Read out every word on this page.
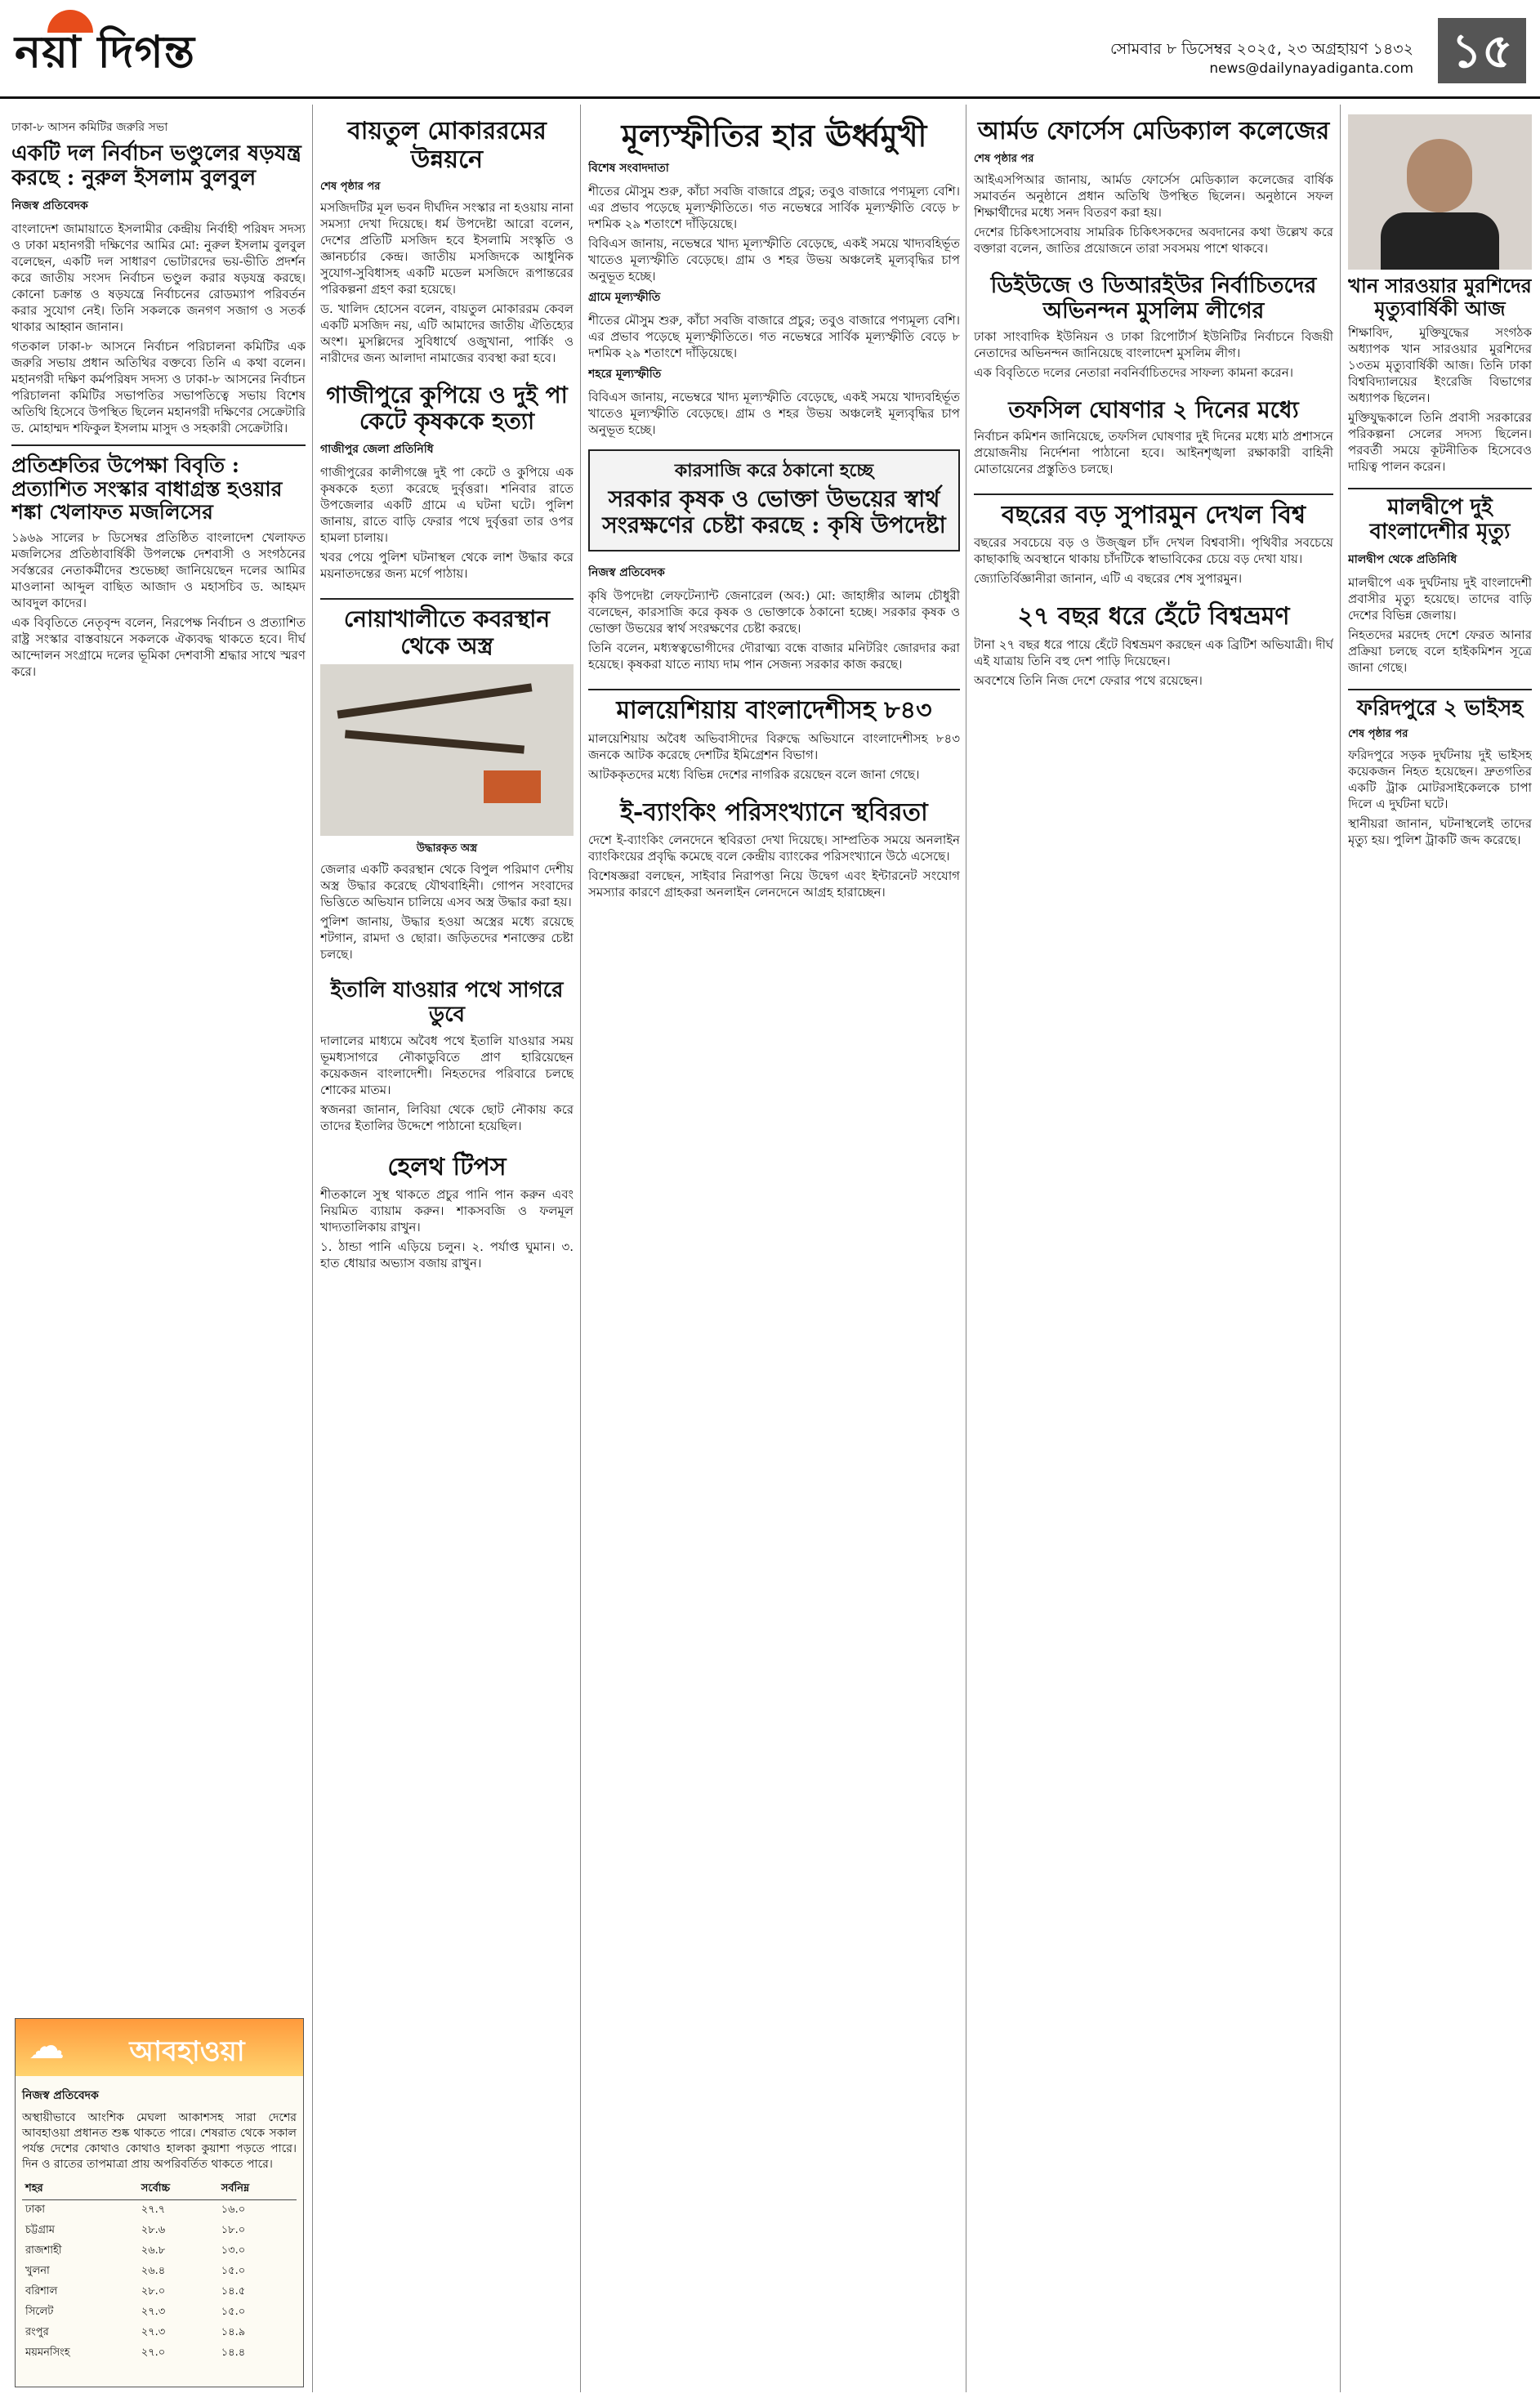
নয়া দিগন্ত	সোমবার ৮ ডিসেম্বর ২০২৫, ২৩ অগ্রহায়ণ ১৪৩২
news@dailynayadiganta.com ১৫
ঢাকা-৮ আসন কমিটির জরুরি সভা
একটি দল নির্বাচন ভণ্ডুলের ষড়যন্ত্র করছে : নুরুল ইসলাম বুলবুল
নিজস্ব প্রতিবেদক

বাংলাদেশ জামায়াতে ইসলামীর কেন্দ্রীয় নির্বাহী পরিষদ সদস্য ও ঢাকা মহানগরী দক্ষিণের আমির মো: নুরুল ইসলাম বুলবুল বলেছেন, একটি দল সাধারণ ভোটারদের ভয়-ভীতি প্রদর্শন করে জাতীয় সংসদ নির্বাচন ভণ্ডুল করার ষড়যন্ত্র করছে। কোনো চক্রান্ত ও ষড়যন্ত্রে নির্বাচনের রোডম্যাপ পরিবর্তন করার সুযোগ নেই। তিনি সকলকে জনগণ সজাগ ও সতর্ক থাকার আহ্বান জানান।

গতকাল ঢাকা-৮ আসনে নির্বাচন পরিচালনা কমিটির এক জরুরি সভায় প্রধান অতিথির বক্তব্যে তিনি এ কথা বলেন। মহানগরী দক্ষিণ কর্মপরিষদ সদস্য ও ঢাকা-৮ আসনের নির্বাচন পরিচালনা কমিটির সভাপতির সভাপতিত্বে সভায় বিশেষ অতিথি হিসেবে উপস্থিত ছিলেন মহানগরী দক্ষিণের সেক্রেটারি ড. মোহাম্মদ শফিকুল ইসলাম মাসুদ ও সহকারী সেক্রেটারি।

প্রতিশ্রুতির উপেক্ষা বিবৃতি : প্রত্যাশিত সংস্কার বাধাগ্রস্ত হওয়ার শঙ্কা খেলাফত মজলিসের

১৯৬৯ সালের ৮ ডিসেম্বর প্রতিষ্ঠিত বাংলাদেশ খেলাফত মজলিসের প্রতিষ্ঠাবার্ষিকী উপলক্ষে দেশবাসী ও সংগঠনের সর্বস্তরের নেতাকর্মীদের শুভেচ্ছা জানিয়েছেন দলের আমির মাওলানা আব্দুল বাছিত আজাদ ও মহাসচিব ড. আহমদ আবদুল কাদের।

এক বিবৃতিতে নেতৃবৃন্দ বলেন, নিরপেক্ষ নির্বাচন ও প্রত্যাশিত রাষ্ট্র সংস্কার বাস্তবায়নে সকলকে ঐক্যবদ্ধ থাকতে হবে। দীর্ঘ আন্দোলন সংগ্রামে দলের ভূমিকা দেশবাসী শ্রদ্ধার সাথে স্মরণ করে।

☁	আবহাওয়া
নিজস্ব প্রতিবেদক

অস্থায়ীভাবে আংশিক মেঘলা আকাশসহ সারা দেশের আবহাওয়া প্রধানত শুষ্ক থাকতে পারে। শেষরাত থেকে সকাল পর্যন্ত দেশের কোথাও কোথাও হালকা কুয়াশা পড়তে পারে। দিন ও রাতের তাপমাত্রা প্রায় অপরিবর্তিত থাকতে পারে।

শহর	সর্বোচ্চ	সর্বনিম্ন
ঢাকা	২৭.৭	১৬.০
চট্টগ্রাম	২৮.৬	১৮.০
রাজশাহী	২৬.৮	১৩.০
খুলনা	২৬.৪	১৫.০
বরিশাল	২৮.০	১৪.৫
সিলেট	২৭.৩	১৫.০
রংপুর	২৭.৩	১৪.৯
ময়মনসিংহ	২৭.০	১৪.৪
বায়তুল মোকাররমের উন্নয়নে
শেষ পৃষ্ঠার পর

মসজিদটির মূল ভবন দীর্ঘদিন সংস্কার না হওয়ায় নানা সমস্যা দেখা দিয়েছে। ধর্ম উপদেষ্টা আরো বলেন, দেশের প্রতিটি মসজিদ হবে ইসলামি সংস্কৃতি ও জ্ঞানচর্চার কেন্দ্র। জাতীয় মসজিদকে আধুনিক সুযোগ-সুবিধাসহ একটি মডেল মসজিদে রূপান্তরের পরিকল্পনা গ্রহণ করা হয়েছে।

ড. খালিদ হোসেন বলেন, বায়তুল মোকাররম কেবল একটি মসজিদ নয়, এটি আমাদের জাতীয় ঐতিহ্যের অংশ। মুসল্লিদের সুবিধার্থে ওজুখানা, পার্কিং ও নারীদের জন্য আলাদা নামাজের ব্যবস্থা করা হবে।

গাজীপুরে কুপিয়ে ও দুই পা কেটে কৃষককে হত্যা
গাজীপুর জেলা প্রতিনিধি

গাজীপুরের কালীগঞ্জে দুই পা কেটে ও কুপিয়ে এক কৃষককে হত্যা করেছে দুর্বৃত্তরা। শনিবার রাতে উপজেলার একটি গ্রামে এ ঘটনা ঘটে। পুলিশ জানায়, রাতে বাড়ি ফেরার পথে দুর্বৃত্তরা তার ওপর হামলা চালায়।

খবর পেয়ে পুলিশ ঘটনাস্থল থেকে লাশ উদ্ধার করে ময়নাতদন্তের জন্য মর্গে পাঠায়।

নোয়াখালীতে কবরস্থান থেকে অস্ত্র
উদ্ধারকৃত অস্ত্র

জেলার একটি কবরস্থান থেকে বিপুল পরিমাণ দেশীয় অস্ত্র উদ্ধার করেছে যৌথবাহিনী। গোপন সংবাদের ভিত্তিতে অভিযান চালিয়ে এসব অস্ত্র উদ্ধার করা হয়।

পুলিশ জানায়, উদ্ধার হওয়া অস্ত্রের মধ্যে রয়েছে শটগান, রামদা ও ছোরা। জড়িতদের শনাক্তের চেষ্টা চলছে।

ইতালি যাওয়ার পথে সাগরে ডুবে

দালালের মাধ্যমে অবৈধ পথে ইতালি যাওয়ার সময় ভূমধ্যসাগরে নৌকাডুবিতে প্রাণ হারিয়েছেন কয়েকজন বাংলাদেশী। নিহতদের পরিবারে চলছে শোকের মাতম।

স্বজনরা জানান, লিবিয়া থেকে ছোট নৌকায় করে তাদের ইতালির উদ্দেশে পাঠানো হয়েছিল।

হেলথ টিপস

শীতকালে সুস্থ থাকতে প্রচুর পানি পান করুন এবং নিয়মিত ব্যায়াম করুন। শাকসবজি ও ফলমূল খাদ্যতালিকায় রাখুন।

১. ঠান্ডা পানি এড়িয়ে চলুন। ২. পর্যাপ্ত ঘুমান। ৩. হাত ধোয়ার অভ্যাস বজায় রাখুন।

মূল্যস্ফীতির হার ঊর্ধ্বমুখী
বিশেষ সংবাদদাতা

শীতের মৌসুম শুরু, কাঁচা সবজি বাজারে প্রচুর; তবুও বাজারে পণ্যমূল্য বেশি। এর প্রভাব পড়েছে মূল্যস্ফীতিতে। গত নভেম্বরে সার্বিক মূল্যস্ফীতি বেড়ে ৮ দশমিক ২৯ শতাংশে দাঁড়িয়েছে।

বিবিএস জানায়, নভেম্বরে খাদ্য মূল্যস্ফীতি বেড়েছে, একই সময়ে খাদ্যবহির্ভূত খাতেও মূল্যস্ফীতি বেড়েছে। গ্রাম ও শহর উভয় অঞ্চলেই মূল্যবৃদ্ধির চাপ অনুভূত হচ্ছে।

গ্রামে মূল্যস্ফীতি

শীতের মৌসুম শুরু, কাঁচা সবজি বাজারে প্রচুর; তবুও বাজারে পণ্যমূল্য বেশি। এর প্রভাব পড়েছে মূল্যস্ফীতিতে। গত নভেম্বরে সার্বিক মূল্যস্ফীতি বেড়ে ৮ দশমিক ২৯ শতাংশে দাঁড়িয়েছে।

শহরে মূল্যস্ফীতি

বিবিএস জানায়, নভেম্বরে খাদ্য মূল্যস্ফীতি বেড়েছে, একই সময়ে খাদ্যবহির্ভূত খাতেও মূল্যস্ফীতি বেড়েছে। গ্রাম ও শহর উভয় অঞ্চলেই মূল্যবৃদ্ধির চাপ অনুভূত হচ্ছে।

কারসাজি করে ঠকানো হচ্ছে
সরকার কৃষক ও ভোক্তা উভয়ের স্বার্থ সংরক্ষণের চেষ্টা করছে : কৃষি উপদেষ্টা
নিজস্ব প্রতিবেদক

কৃষি উপদেষ্টা লেফটেন্যান্ট জেনারেল (অব:) মো: জাহাঙ্গীর আলম চৌধুরী বলেছেন, কারসাজি করে কৃষক ও ভোক্তাকে ঠকানো হচ্ছে। সরকার কৃষক ও ভোক্তা উভয়ের স্বার্থ সংরক্ষণের চেষ্টা করছে।

তিনি বলেন, মধ্যস্বত্বভোগীদের দৌরাত্ম্য বন্ধে বাজার মনিটরিং জোরদার করা হয়েছে। কৃষকরা যাতে ন্যায্য দাম পান সেজন্য সরকার কাজ করছে।

মালয়েশিয়ায় বাংলাদেশীসহ ৮৪৩

মালয়েশিয়ায় অবৈধ অভিবাসীদের বিরুদ্ধে অভিযানে বাংলাদেশীসহ ৮৪৩ জনকে আটক করেছে দেশটির ইমিগ্রেশন বিভাগ।

আটককৃতদের মধ্যে বিভিন্ন দেশের নাগরিক রয়েছেন বলে জানা গেছে।

ই-ব্যাংকিং পরিসংখ্যানে স্থবিরতা

দেশে ই-ব্যাংকিং লেনদেনে স্থবিরতা দেখা দিয়েছে। সাম্প্রতিক সময়ে অনলাইন ব্যাংকিংয়ের প্রবৃদ্ধি কমেছে বলে কেন্দ্রীয় ব্যাংকের পরিসংখ্যানে উঠে এসেছে।

বিশেষজ্ঞরা বলছেন, সাইবার নিরাপত্তা নিয়ে উদ্বেগ এবং ইন্টারনেট সংযোগ সমস্যার কারণে গ্রাহকরা অনলাইন লেনদেনে আগ্রহ হারাচ্ছেন।

আর্মড ফোর্সেস মেডিক্যাল কলেজের
শেষ পৃষ্ঠার পর

আইএসপিআর জানায়, আর্মড ফোর্সেস মেডিক্যাল কলেজের বার্ষিক সমাবর্তন অনুষ্ঠানে প্রধান অতিথি উপস্থিত ছিলেন। অনুষ্ঠানে সফল শিক্ষার্থীদের মধ্যে সনদ বিতরণ করা হয়।

দেশের চিকিৎসাসেবায় সামরিক চিকিৎসকদের অবদানের কথা উল্লেখ করে বক্তারা বলেন, জাতির প্রয়োজনে তারা সবসময় পাশে থাকবে।

ডিইউজে ও ডিআরইউর নির্বাচিতদের অভিনন্দন মুসলিম লীগের

ঢাকা সাংবাদিক ইউনিয়ন ও ঢাকা রিপোর্টার্স ইউনিটির নির্বাচনে বিজয়ী নেতাদের অভিনন্দন জানিয়েছে বাংলাদেশ মুসলিম লীগ।

এক বিবৃতিতে দলের নেতারা নবনির্বাচিতদের সাফল্য কামনা করেন।

তফসিল ঘোষণার ২ দিনের মধ্যে

নির্বাচন কমিশন জানিয়েছে, তফসিল ঘোষণার দুই দিনের মধ্যে মাঠ প্রশাসনে প্রয়োজনীয় নির্দেশনা পাঠানো হবে। আইনশৃঙ্খলা রক্ষাকারী বাহিনী মোতায়েনের প্রস্তুতিও চলছে।

বছরের বড় সুপারমুন দেখল বিশ্ব

বছরের সবচেয়ে বড় ও উজ্জ্বল চাঁদ দেখল বিশ্ববাসী। পৃথিবীর সবচেয়ে কাছাকাছি অবস্থানে থাকায় চাঁদটিকে স্বাভাবিকের চেয়ে বড় দেখা যায়।

জ্যোতির্বিজ্ঞানীরা জানান, এটি এ বছরের শেষ সুপারমুন।

২৭ বছর ধরে হেঁটে বিশ্বভ্রমণ

টানা ২৭ বছর ধরে পায়ে হেঁটে বিশ্বভ্রমণ করছেন এক ব্রিটিশ অভিযাত্রী। দীর্ঘ এই যাত্রায় তিনি বহু দেশ পাড়ি দিয়েছেন।

অবশেষে তিনি নিজ দেশে ফেরার পথে রয়েছেন।

খান সারওয়ার মুরশিদের মৃত্যুবার্ষিকী আজ

শিক্ষাবিদ, মুক্তিযুদ্ধের সংগঠক অধ্যাপক খান সারওয়ার মুরশিদের ১৩তম মৃত্যুবার্ষিকী আজ। তিনি ঢাকা বিশ্ববিদ্যালয়ের ইংরেজি বিভাগের অধ্যাপক ছিলেন।

মুক্তিযুদ্ধকালে তিনি প্রবাসী সরকারের পরিকল্পনা সেলের সদস্য ছিলেন। পরবর্তী সময়ে কূটনীতিক হিসেবেও দায়িত্ব পালন করেন।

মালদ্বীপে দুই বাংলাদেশীর মৃত্যু
মালদ্বীপ থেকে প্রতিনিধি

মালদ্বীপে এক দুর্ঘটনায় দুই বাংলাদেশী প্রবাসীর মৃত্যু হয়েছে। তাদের বাড়ি দেশের বিভিন্ন জেলায়।

নিহতদের মরদেহ দেশে ফেরত আনার প্রক্রিয়া চলছে বলে হাইকমিশন সূত্রে জানা গেছে।

ফরিদপুরে ২ ভাইসহ
শেষ পৃষ্ঠার পর

ফরিদপুরে সড়ক দুর্ঘটনায় দুই ভাইসহ কয়েকজন নিহত হয়েছেন। দ্রুতগতির একটি ট্রাক মোটরসাইকেলকে চাপা দিলে এ দুর্ঘটনা ঘটে।

স্থানীয়রা জানান, ঘটনাস্থলেই তাদের মৃত্যু হয়। পুলিশ ট্রাকটি জব্দ করেছে।
